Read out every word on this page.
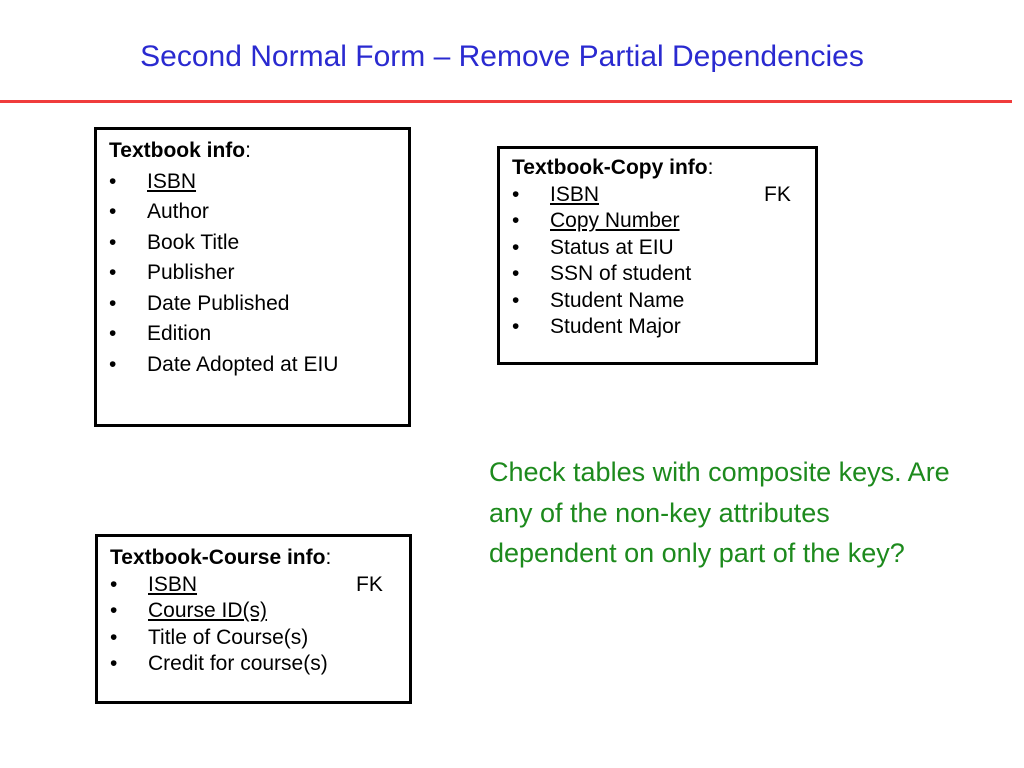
Second Normal Form – Remove Partial Dependencies
Textbook info:
• ISBN
• Author
• Book Title
• Publisher
• Date Published
• Edition
• Date Adopted at EIU
Textbook-Copy info:
• ISBN	FK
• Copy Number
• Status at EIU
• SSN of student
• Student Name
• Student Major
Textbook-Course info:
• ISBN	FK
• Course ID(s)
• Title of Course(s)
• Credit for course(s)
Check tables with composite keys. Are any of the non-key attributes dependent on only part of the key?
